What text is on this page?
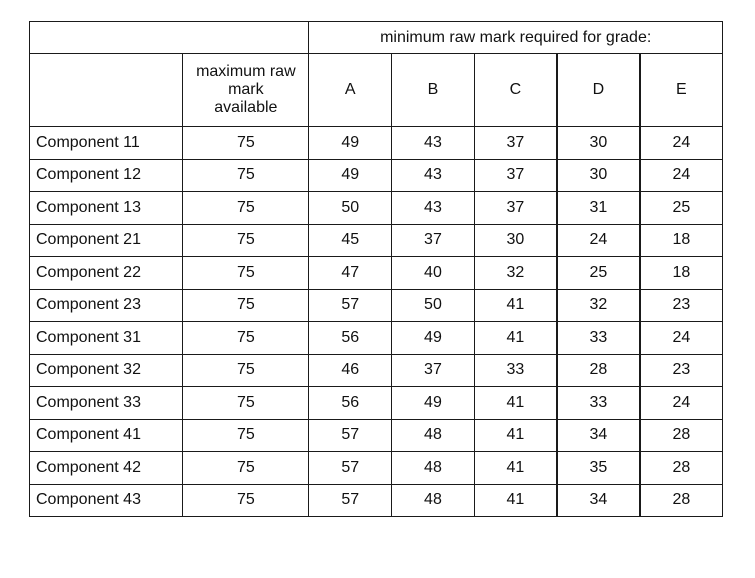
		minimum raw mark required for grade:				

	maximum raw
mark
available	A	B	C	D	E
Component 11	75	49	43	37	30	24
Component 12	75	49	43	37	30	24
Component 13	75	50	43	37	31	25
Component 21	75	45	37	30	24	18
Component 22	75	47	40	32	25	18
Component 23	75	57	50	41	32	23
Component 31	75	56	49	41	33	24
Component 32	75	46	37	33	28	23
Component 33	75	56	49	41	33	24
Component 41	75	57	48	41	34	28
Component 42	75	57	48	41	35	28
Component 43	75	57	48	41	34	28
